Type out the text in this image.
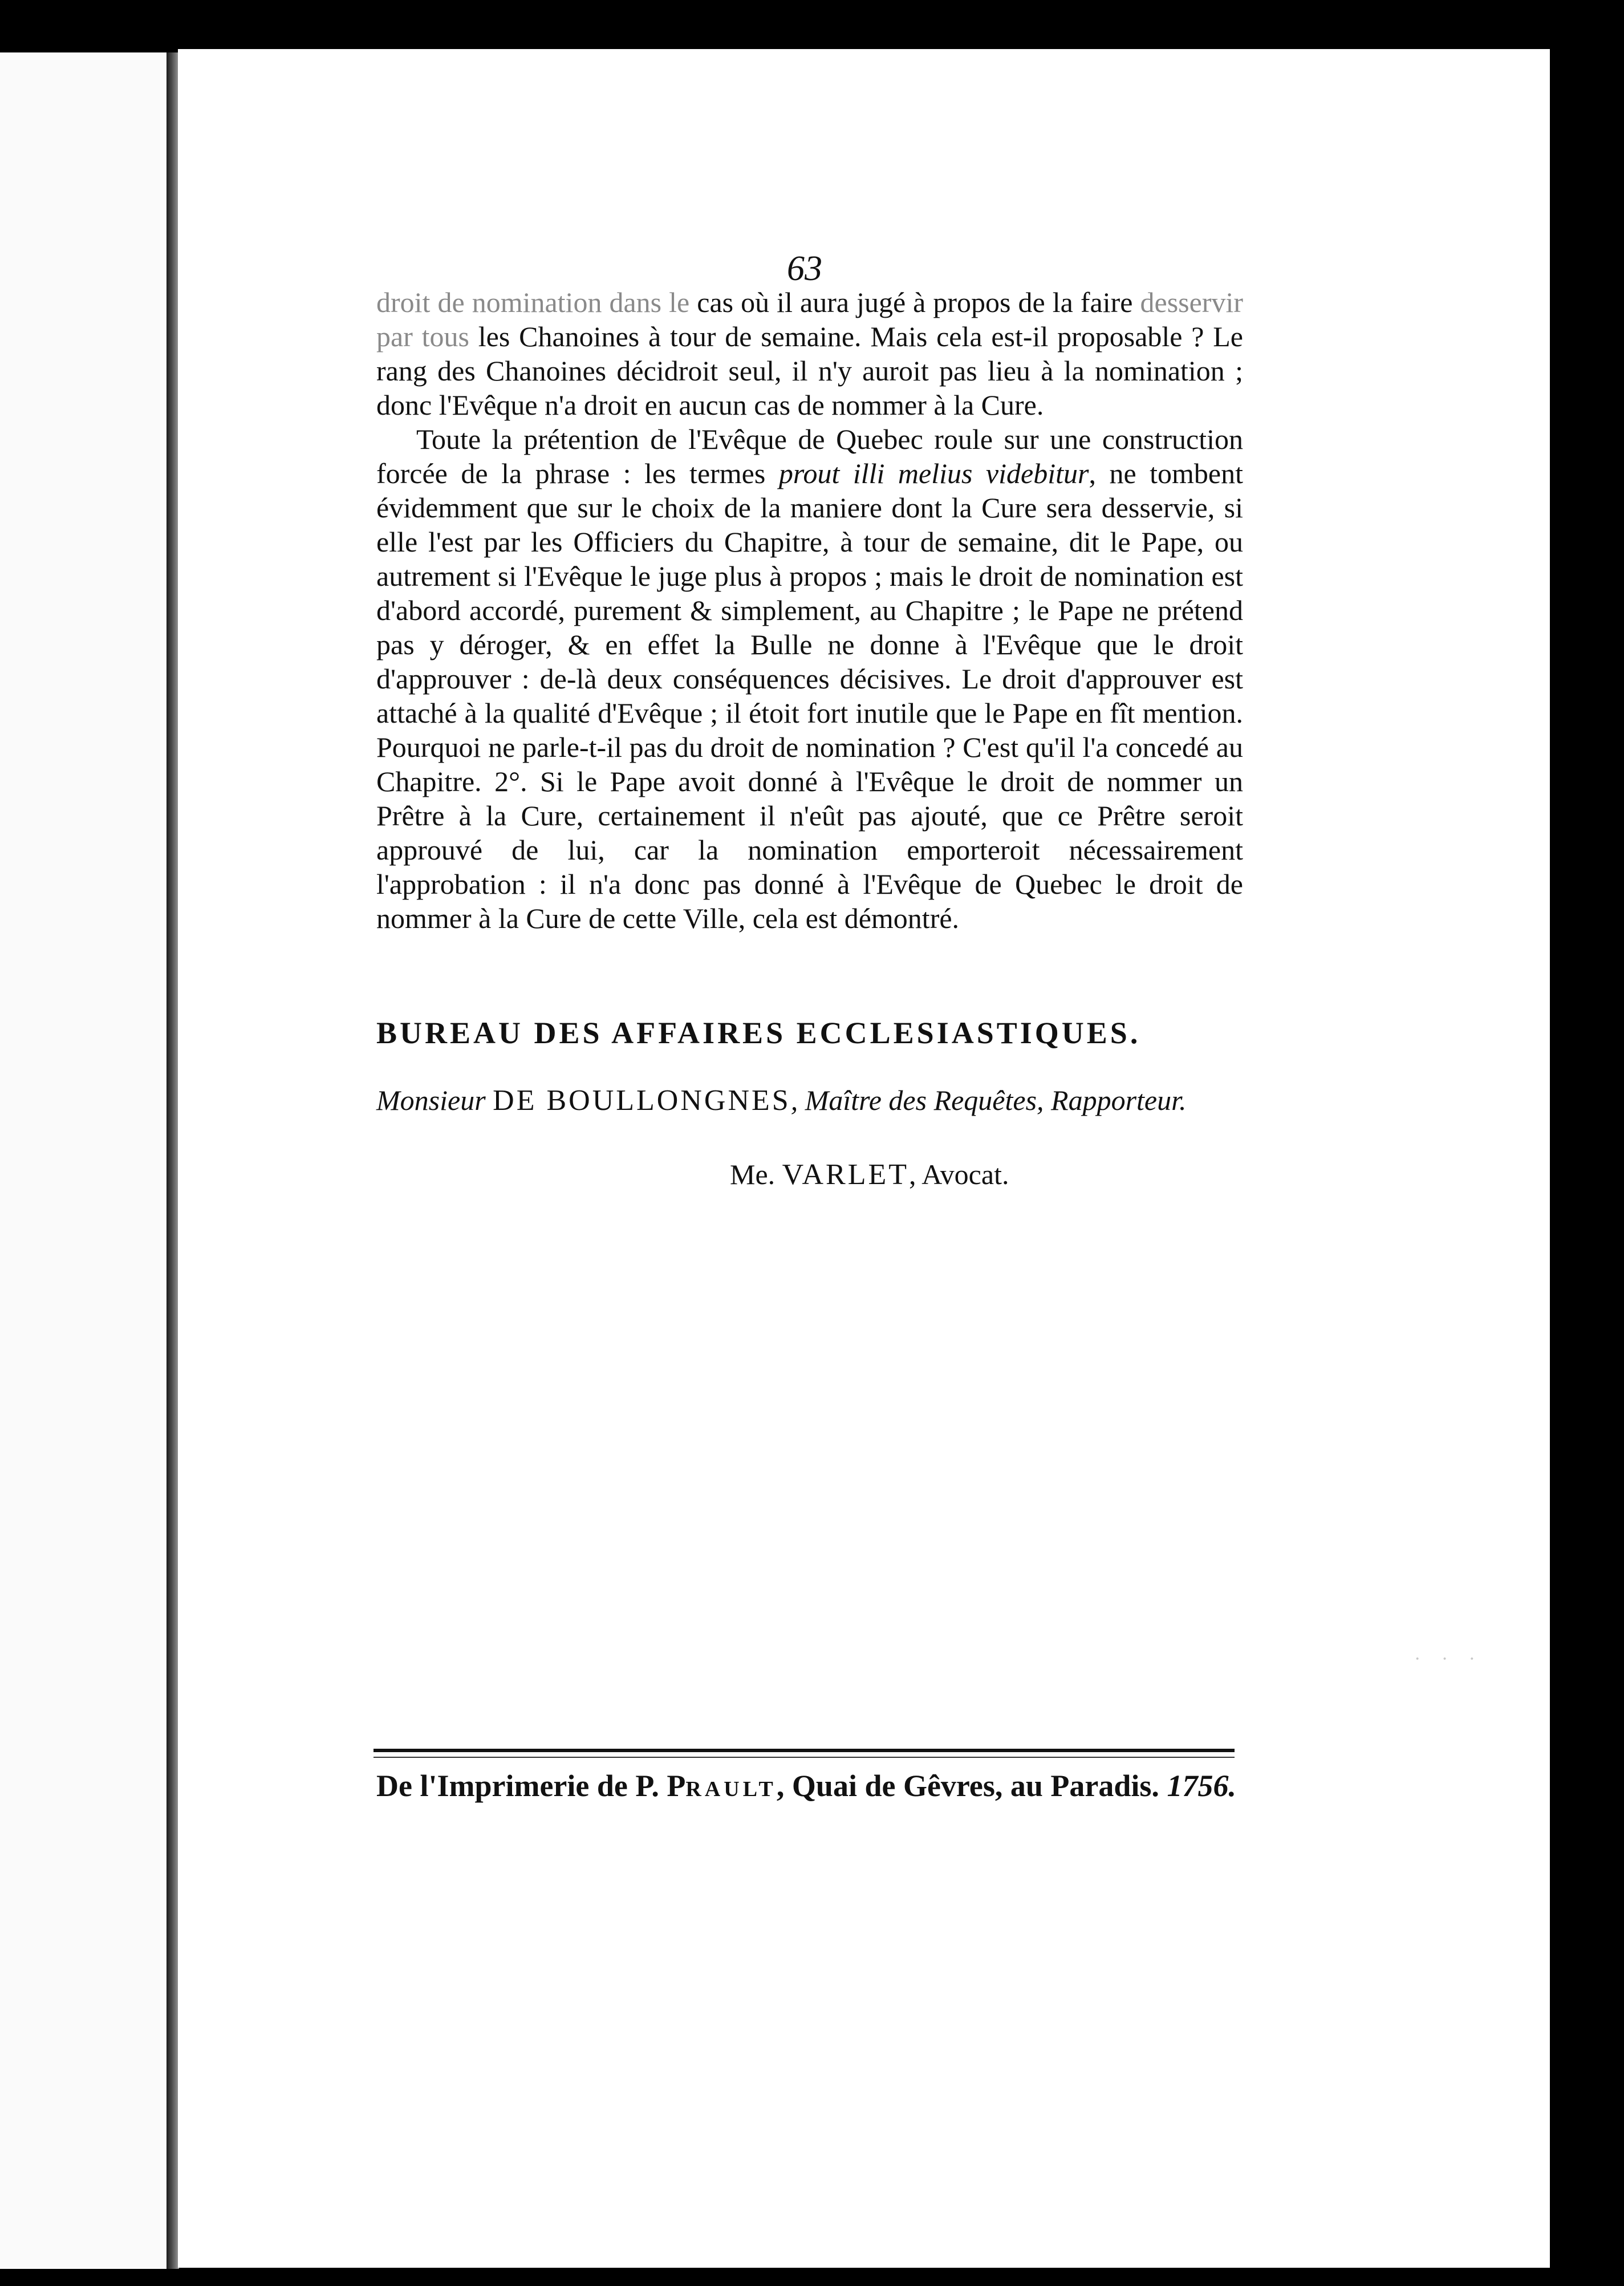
63

droit de nomination dans le cas où il aura jugé à propos de la faire desservir par tous les Chanoines à tour de semaine. Mais cela est-il proposable ? Le rang des Chanoines décidroit seul, il n'y auroit pas lieu à la nomination ; donc l'Evêque n'a droit en aucun cas de nommer à la Cure.

Toute la prétention de l'Evêque de Quebec roule sur une construction forcée de la phrase : les termes prout illi melius videbitur, ne tombent évidemment que sur le choix de la maniere dont la Cure sera desservie, si elle l'est par les Officiers du Chapitre, à tour de semaine, dit le Pape, ou autrement si l'Evêque le juge plus à propos ; mais le droit de nomination est d'abord accordé, purement & simplement, au Chapitre ; le Pape ne prétend pas y déroger, & en effet la Bulle ne donne à l'Evêque que le droit d'approuver : de-là deux conséquences décisives. Le droit d'approuver est attaché à la qualité d'Evêque ; il étoit fort inutile que le Pape en fît mention. Pourquoi ne parle-t-il pas du droit de nomination ? C'est qu'il l'a concedé au Chapitre. 2°. Si le Pape avoit donné à l'Evêque le droit de nommer un Prêtre à la Cure, certainement il n'eût pas ajouté, que ce Prêtre seroit approuvé de lui, car la nomination emporteroit nécessairement l'approbation : il n'a donc pas donné à l'Evêque de Quebec le droit de nommer à la Cure de cette Ville, cela est démontré.

BUREAU DES AFFAIRES ECCLESIASTIQUES.
Monsieur DE BOULLONGNES, Maître des Requêtes, Rapporteur.
Me. VARLET, Avocat.
· · ·
De l'Imprimerie de P. PRAULT, Quai de Gêvres, au Paradis. 1756.
